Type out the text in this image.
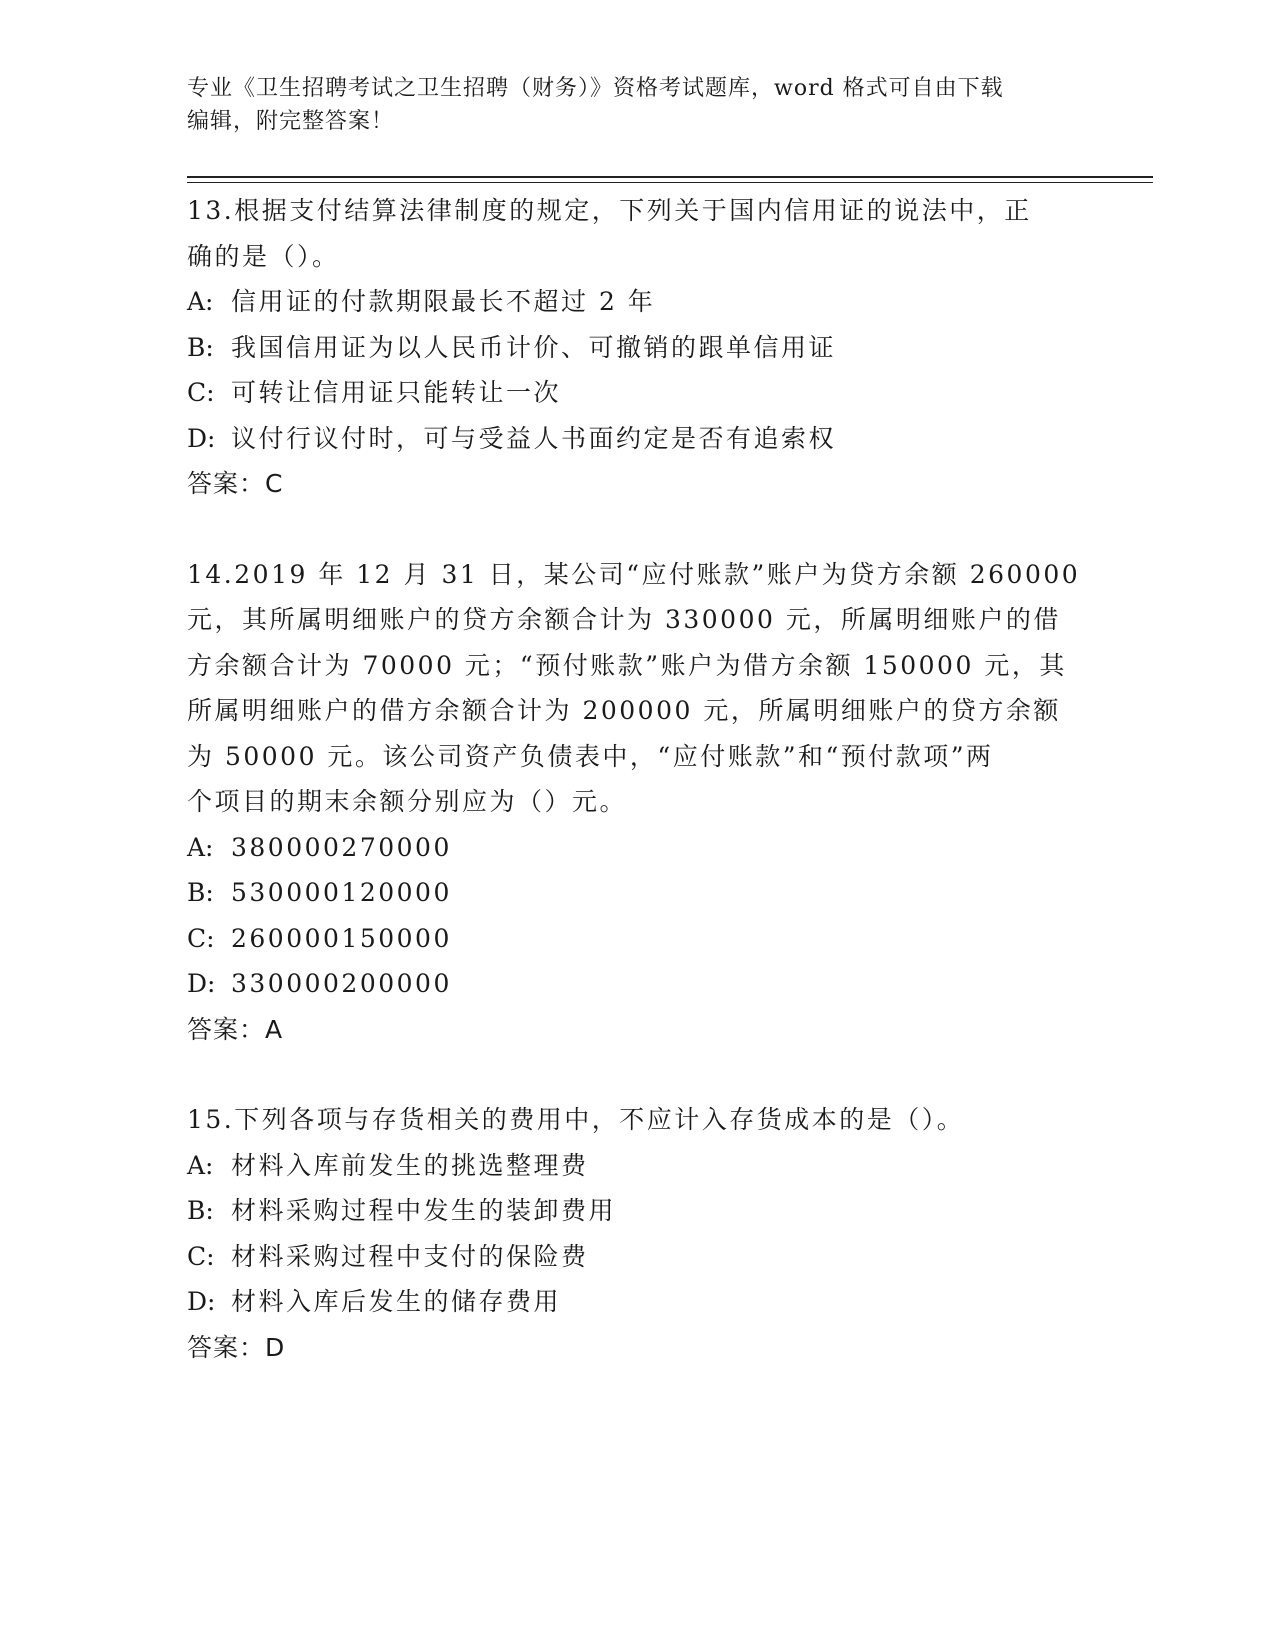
专业《卫生招聘考试之卫生招聘（财务）》资格考试题库，word 格式可自由下载
编辑，附完整答案！

13.根据支付结算法律制度的规定，下列关于国内信用证的说法中，正

确的是（）。

A: 信用证的付款期限最长不超过 2 年

B: 我国信用证为以人民币计价、可撤销的跟单信用证

C: 可转让信用证只能转让一次

D: 议付行议付时，可与受益人书面约定是否有追索权

答案：C

14.2019 年 12 月 31 日，某公司“应付账款”账户为贷方余额 260000

元，其所属明细账户的贷方余额合计为 330000 元，所属明细账户的借

方余额合计为 70000 元；“预付账款”账户为借方余额 150000 元，其

所属明细账户的借方余额合计为 200000 元，所属明细账户的贷方余额

为 50000 元。该公司资产负债表中，“应付账款”和“预付款项”两

个项目的期末余额分别应为（）元。

A: 380000270000

B: 530000120000

C: 260000150000

D: 330000200000

答案：A

15.下列各项与存货相关的费用中，不应计入存货成本的是（）。

A: 材料入库前发生的挑选整理费

B: 材料采购过程中发生的装卸费用

C: 材料采购过程中支付的保险费

D: 材料入库后发生的储存费用

答案：D
